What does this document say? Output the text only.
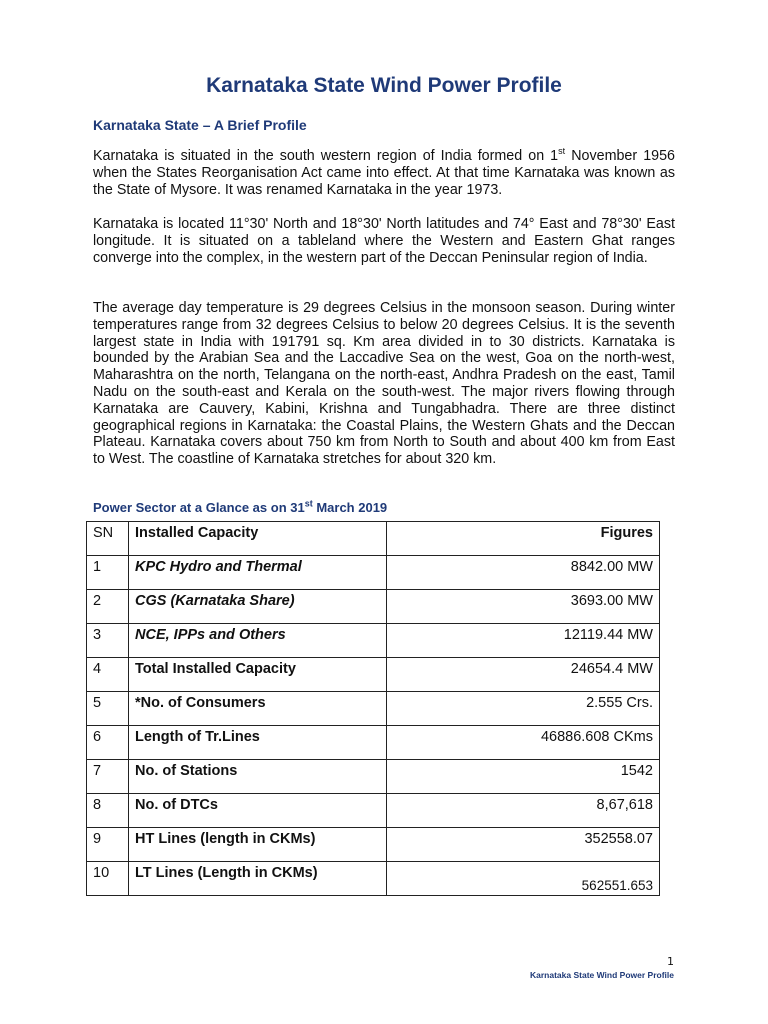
Karnataka State Wind Power Profile
Karnataka State – A Brief Profile

Karnataka is situated in the south western region of India formed on 1st November 1956 when the States Reorganisation Act came into effect. At that time Karnataka was known as the State of Mysore. It was renamed Karnataka in the year 1973.

Karnataka is located 11°30' North and 18°30' North latitudes and 74° East and 78°30' East longitude. It is situated on a tableland where the Western and Eastern Ghat ranges converge into the complex, in the western part of the Deccan Peninsular region of India.

The average day temperature is 29 degrees Celsius in the monsoon season. During winter temperatures range from 32 degrees Celsius to below 20 degrees Celsius. It is the seventh largest state in India with 191791 sq. Km area divided in to 30 districts. Karnataka is bounded by the Arabian Sea and the Laccadive Sea on the west, Goa on the north-west, Maharashtra on the north, Telangana on the north-east, Andhra Pradesh on the east, Tamil Nadu on the south-east and Kerala on the south-west. The major rivers flowing through Karnataka are Cauvery, Kabini, Krishna and Tungabhadra. There are three distinct geographical regions in Karnataka: the Coastal Plains, the Western Ghats and the Deccan Plateau. Karnataka covers about 750 km from North to South and about 400 km from East to West. The coastline of Karnataka stretches for about 320 km.

Power Sector at a Glance as on 31st March 2019
SN	Installed Capacity	Figures
1	KPC Hydro and Thermal	8842.00 MW
2	CGS (Karnataka Share)	3693.00 MW
3	NCE, IPPs and Others	12119.44 MW
4	Total Installed Capacity	24654.4 MW
5	*No. of Consumers	2.555 Crs.
6	Length of Tr.Lines	46886.608 CKms
7	No. of Stations	1542
8	No. of DTCs	8,67,618
9	HT Lines (length in CKMs)	352558.07
10	LT Lines (Length in CKMs)	562551.653
1
Karnataka State Wind Power Profile
